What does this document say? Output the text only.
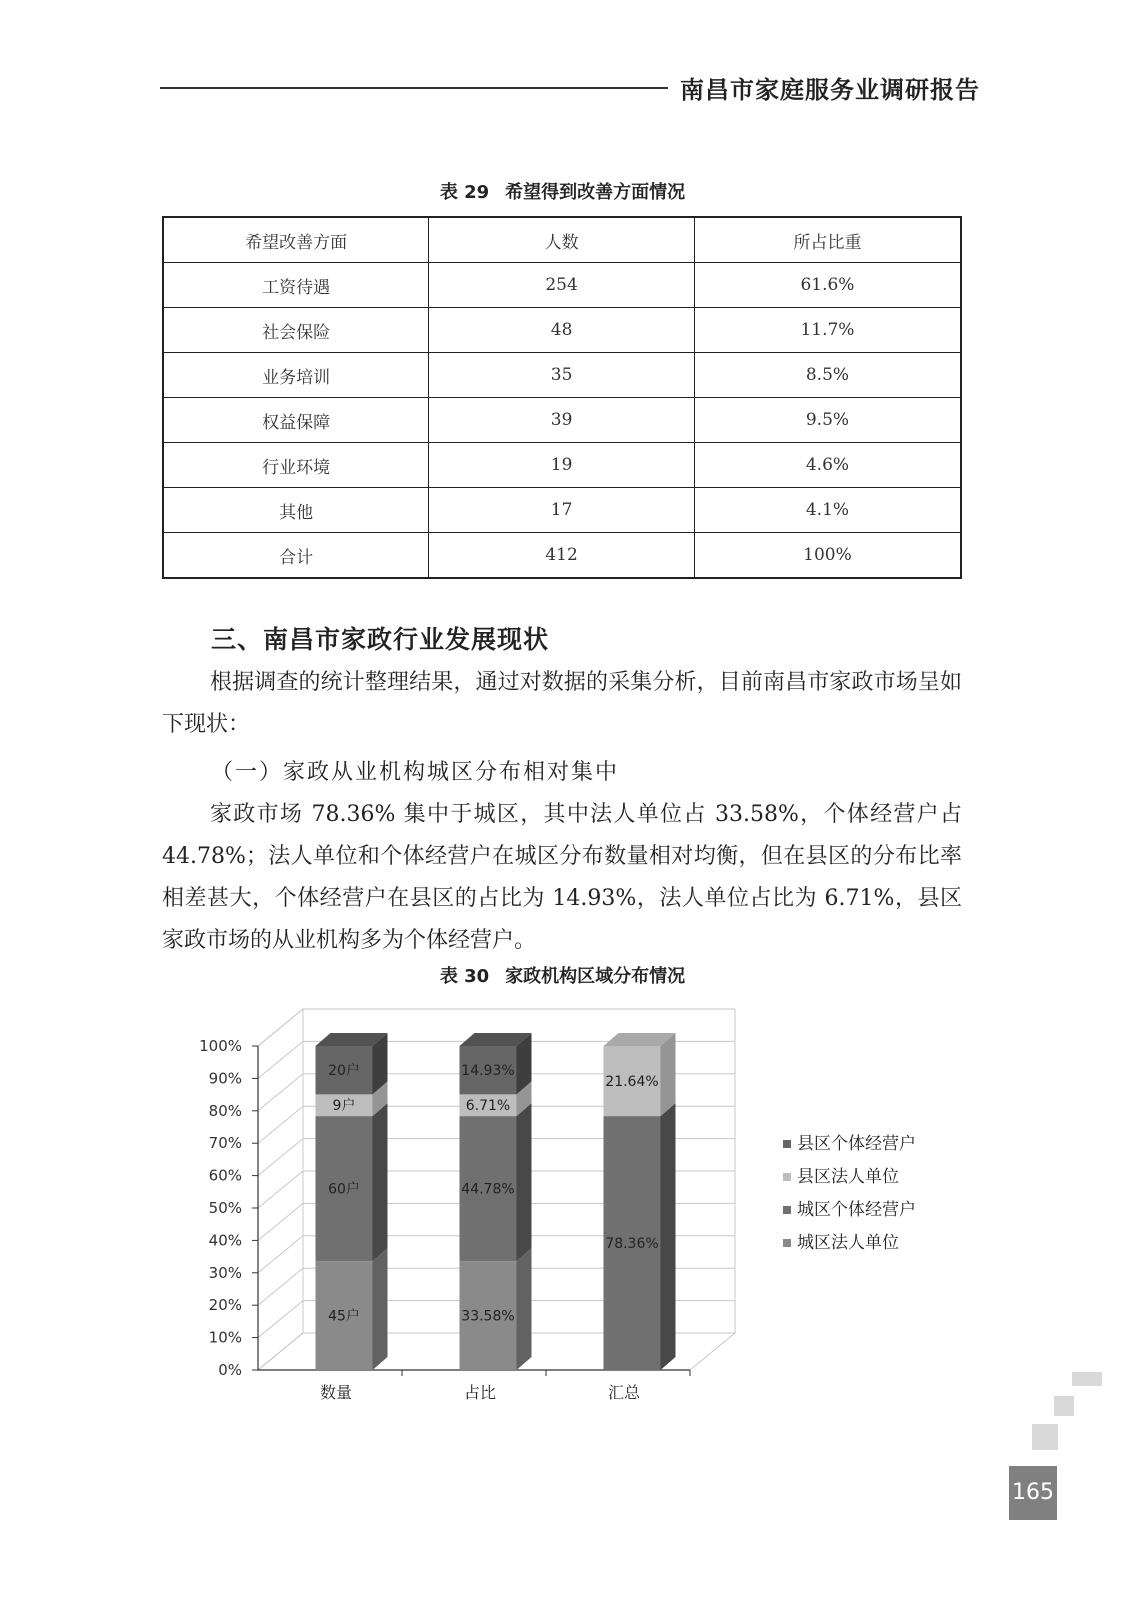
南昌市家庭服务业调研报告
表 29 希望得到改善方面情况
希望改善方面	人数	所占比重
工资待遇	254	61.6%
社会保险	48	11.7%
业务培训	35	8.5%
权益保障	39	9.5%
行业环境	19	4.6%
其他	17	4.1%
合计	412	100%
三、南昌市家政行业发展现状
根据调查的统计整理结果，通过对数据的采集分析，目前南昌市家政市场呈如下现状：
（一）家政从业机构城区分布相对集中
家政市场 78.36% 集中于城区，其中法人单位占 33.58%，个体经营户占 44.78%；法人单位和个体经营户在城区分布数量相对均衡，但在县区的分布比率相差甚大，个体经营户在县区的占比为 14.93%，法人单位占比为 6.71%，县区家政市场的从业机构多为个体经营户。
表 30 家政机构区域分布情况
0%
10%
20%
30%
40%
50%
60%
70%
80%
90%
100%
45户
60户
9户
20户
数量
33.58%
44.78%
6.71%
14.93%
占比
78.36%
21.64%
汇总
县区个体经营户
县区法人单位
城区个体经营户
城区法人单位
165
